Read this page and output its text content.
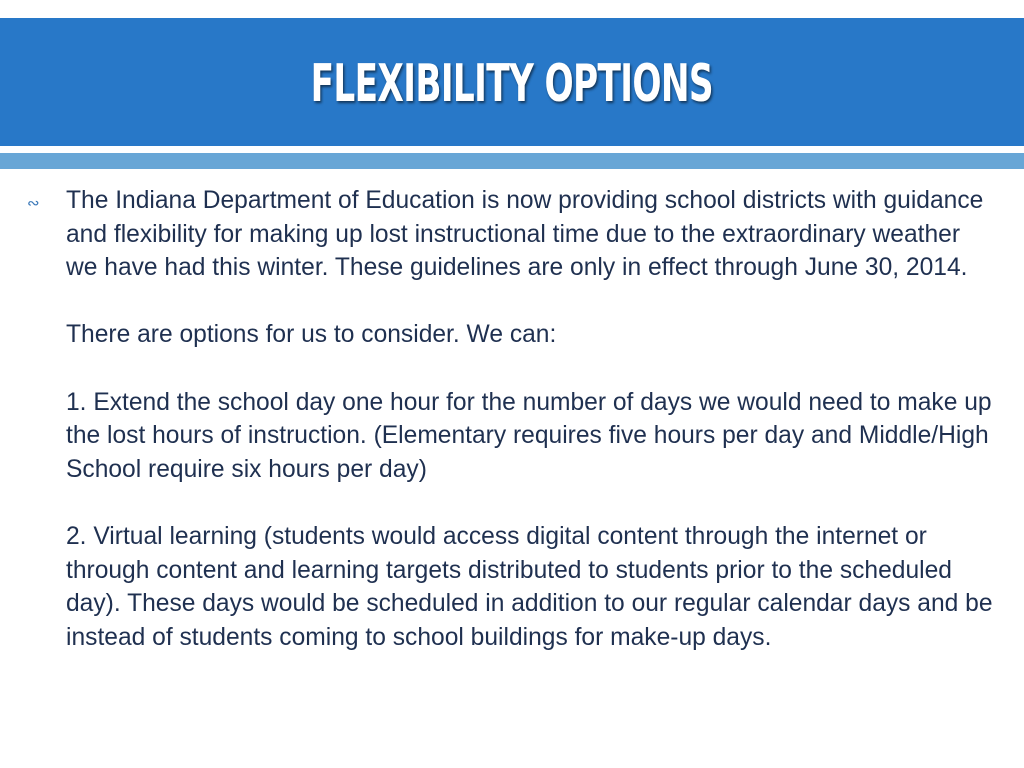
FLEXIBILITY OPTIONS
∾	The Indiana Department of Education is now providing school districts with guidance and flexibility for making up lost instructional time due to the extraordinary weather we have had this winter. These guidelines are only in effect through June 30, 2014.

There are options for us to consider. We can:

1. Extend the school day one hour for the number of days we would need to make up the lost hours of instruction. (Elementary requires five hours per day and Middle/High School require six hours per day)

2. Virtual learning (students would access digital content through the internet or through content and learning targets distributed to students prior to the scheduled day). These days would be scheduled in addition to our regular calendar days and be instead of students coming to school buildings for make-up days.
